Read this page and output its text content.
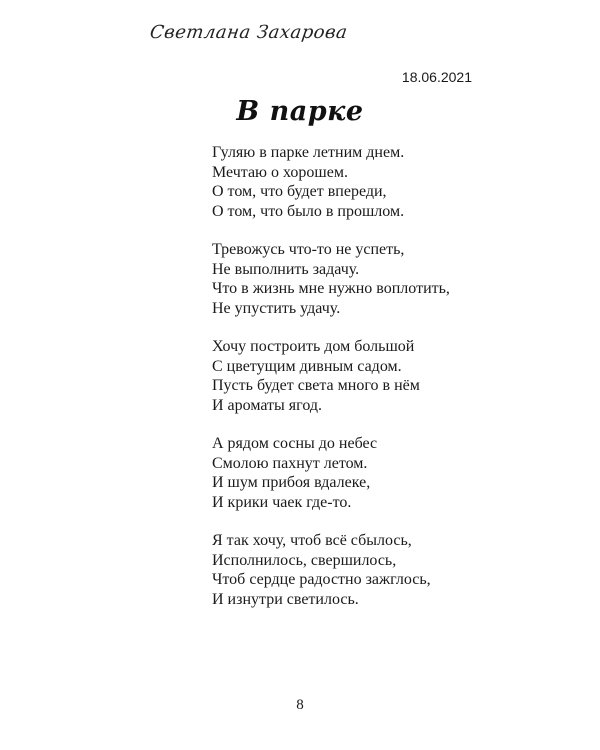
Светлана Захарова
18.06.2021
В парке
Гуляю в парке летним днем.
Мечтаю о хорошем.
О том, что будет впереди,
О том, что было в прошлом.
Тревожусь что-то не успеть,
Не выполнить задачу.
Что в жизнь мне нужно воплотить,
Не упустить удачу.
Хочу построить дом большой
С цветущим дивным садом.
Пусть будет света много в нём
И ароматы ягод.
А рядом сосны до небес
Смолою пахнут летом.
И шум прибоя вдалеке,
И крики чаек где-то.
Я так хочу, чтоб всё сбылось,
Исполнилось, свершилось,
Чтоб сердце радостно зажглось,
И изнутри светилось.
8
